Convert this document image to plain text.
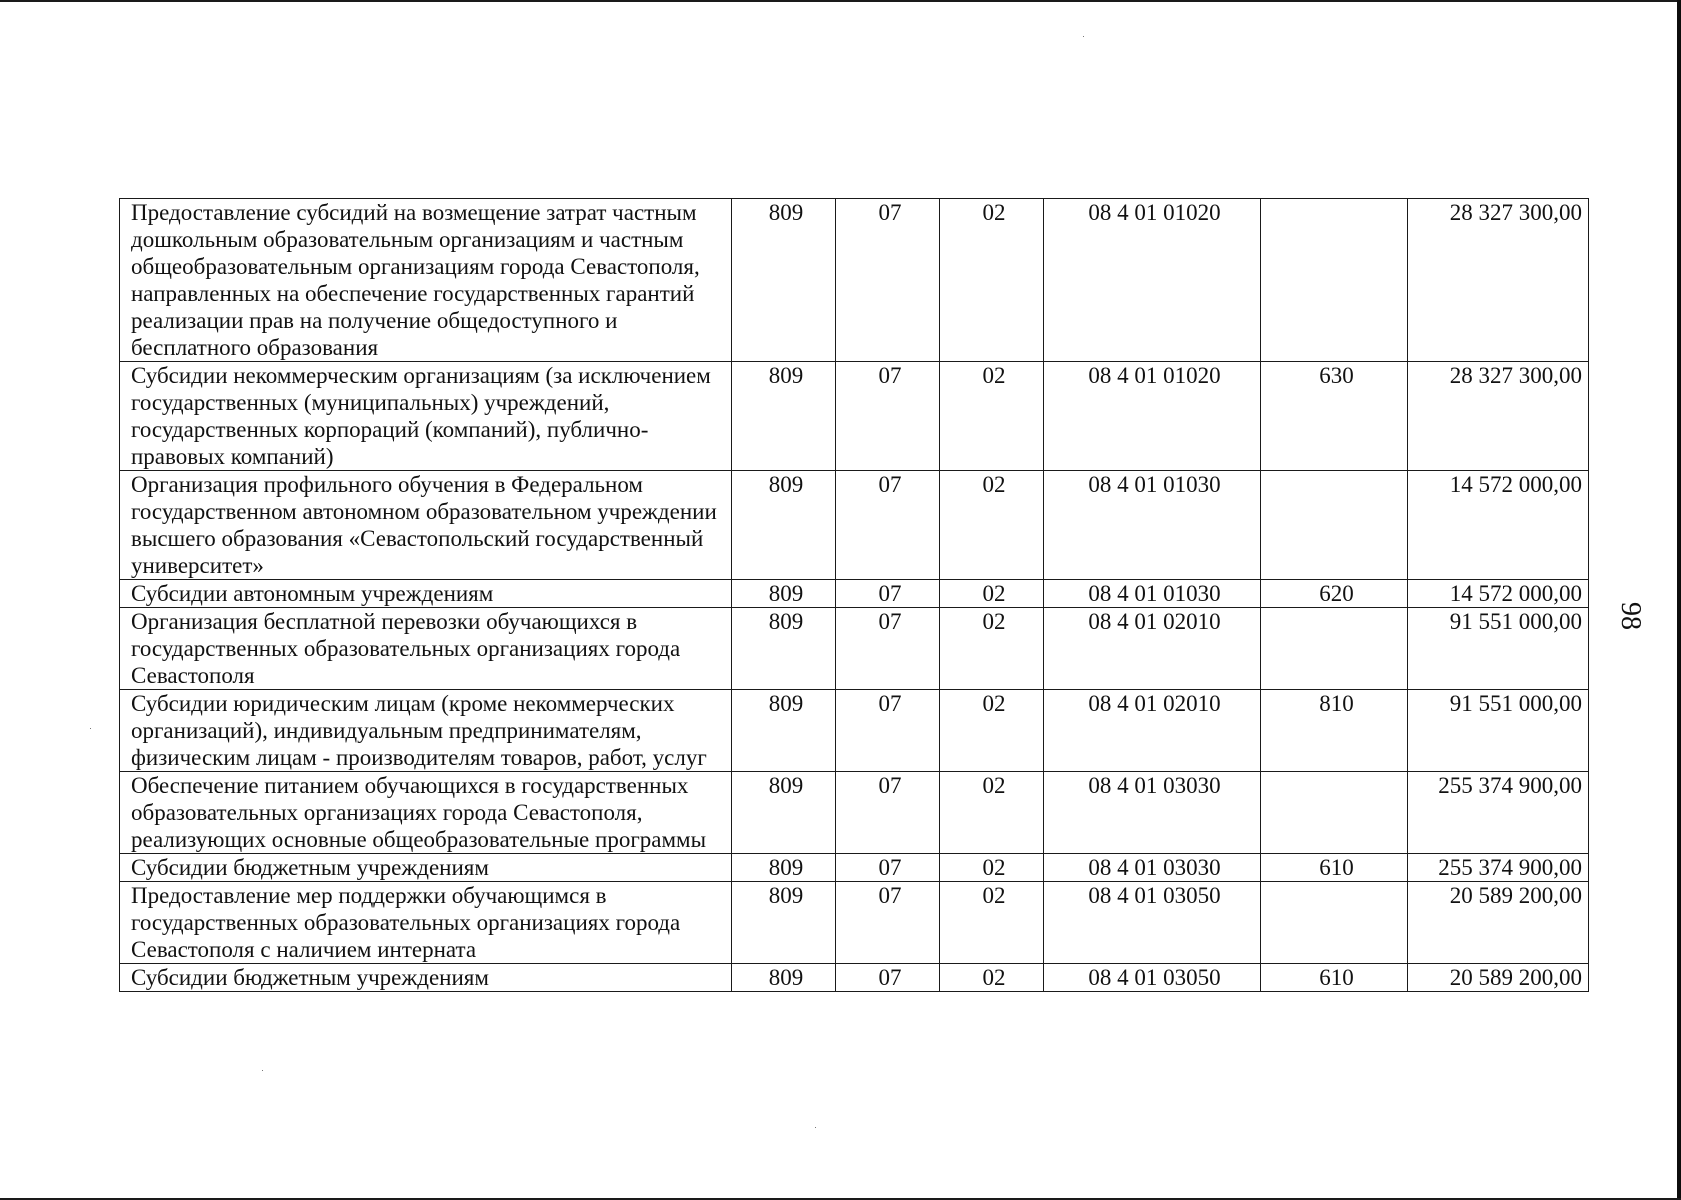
Предоставление субсидий на возмещение затрат частным дошкольным образовательным организациям и частным общеобразовательным организациям города Севастополя, направленных на обеспечение государственных гарантий реализации прав на получение общедоступного и бесплатного образования	809	07	02	08 4 01 01020		28 327 300,00
Субсидии некоммерческим организациям (за исключением государственных (муниципальных) учреждений, государственных корпораций (компаний), публично-правовых компаний)	809	07	02	08 4 01 01020	630	28 327 300,00
Организация профильного обучения в Федеральном государственном автономном образовательном учреждении высшего образования «Севастопольский государственный университет»	809	07	02	08 4 01 01030		14 572 000,00
Субсидии автономным учреждениям	809	07	02	08 4 01 01030	620	14 572 000,00
Организация бесплатной перевозки обучающихся в государственных образовательных организациях города Севастополя	809	07	02	08 4 01 02010		91 551 000,00
Субсидии юридическим лицам (кроме некоммерческих организаций), индивидуальным предпринимателям, физическим лицам - производителям товаров, работ, услуг	809	07	02	08 4 01 02010	810	91 551 000,00
Обеспечение питанием обучающихся в государственных образовательных организациях города Севастополя, реализующих основные общеобразовательные программы	809	07	02	08 4 01 03030		255 374 900,00
Субсидии бюджетным учреждениям	809	07	02	08 4 01 03030	610	255 374 900,00
Предоставление мер поддержки обучающимся в государственных образовательных организациях города Севастополя с наличием интерната	809	07	02	08 4 01 03050		20 589 200,00
Субсидии бюджетным учреждениям	809	07	02	08 4 01 03050	610	20 589 200,00
98
